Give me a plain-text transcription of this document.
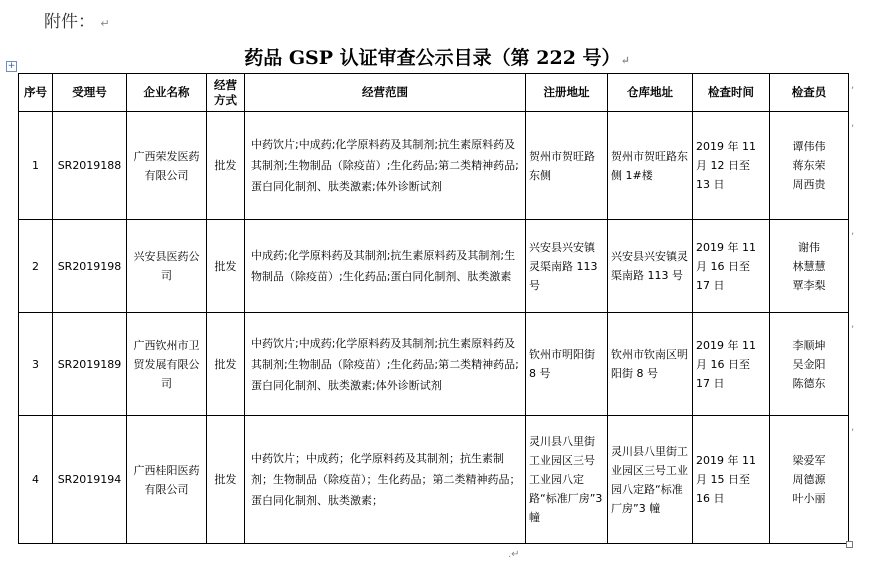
附件： ↵
药品 GSP 认证审查公示目录（第 222 号）↵
+
序号	受理号	企业名称	经营方式	经营范围	注册地址	仓库地址	检查时间	检查员
1	SR2019188	广西荣发医药有限公司	批发	中药饮片;中成药;化学原料药及其制剂;抗生素原料药及其制剂;生物制品（除疫苗）;生化药品;第二类精神药品;蛋白同化制剂、肽类激素;体外诊断试剂	贺州市贺旺路东侧	贺州市贺旺路东侧 1#楼	2019 年 11 月 12 日至 13 日	谭伟伟
蒋东荣
周西贵

2	SR2019198	兴安县医药公司	批发	中成药;化学原料药及其制剂;抗生素原料药及其制剂;生物制品（除疫苗）;生化药品;蛋白同化制剂、肽类激素	兴安县兴安镇灵渠南路 113 号	兴安县兴安镇灵渠南路 113 号	2019 年 11 月 16 日至 17 日	谢伟
林慧慧
覃李梨

3	SR2019189	广西钦州市卫贸发展有限公司	批发	中药饮片;中成药;化学原料药及其制剂;抗生素原料药及其制剂;生物制品（除疫苗）;生化药品;第二类精神药品;蛋白同化制剂、肽类激素;体外诊断试剂	钦州市明阳街 8 号	钦州市钦南区明阳街 8 号	2019 年 11 月 16 日至 17 日	李顺坤
吴金阳
陈德东

4	SR2019194	广西桂阳医药有限公司	批发	中药饮片；中成药；化学原料药及其制剂；抗生素制剂；生物制品（除疫苗）；生化药品；第二类精神药品；蛋白同化制剂、肽类激素；	灵川县八里街工业园区三号工业园八定路“标准厂房”3 幢	灵川县八里街工业园区三号工业园八定路“标准厂房”3 幢	2019 年 11 月 15 日至 16 日	梁爱军
周德源
叶小丽
,
,
,
,
,
.↵
